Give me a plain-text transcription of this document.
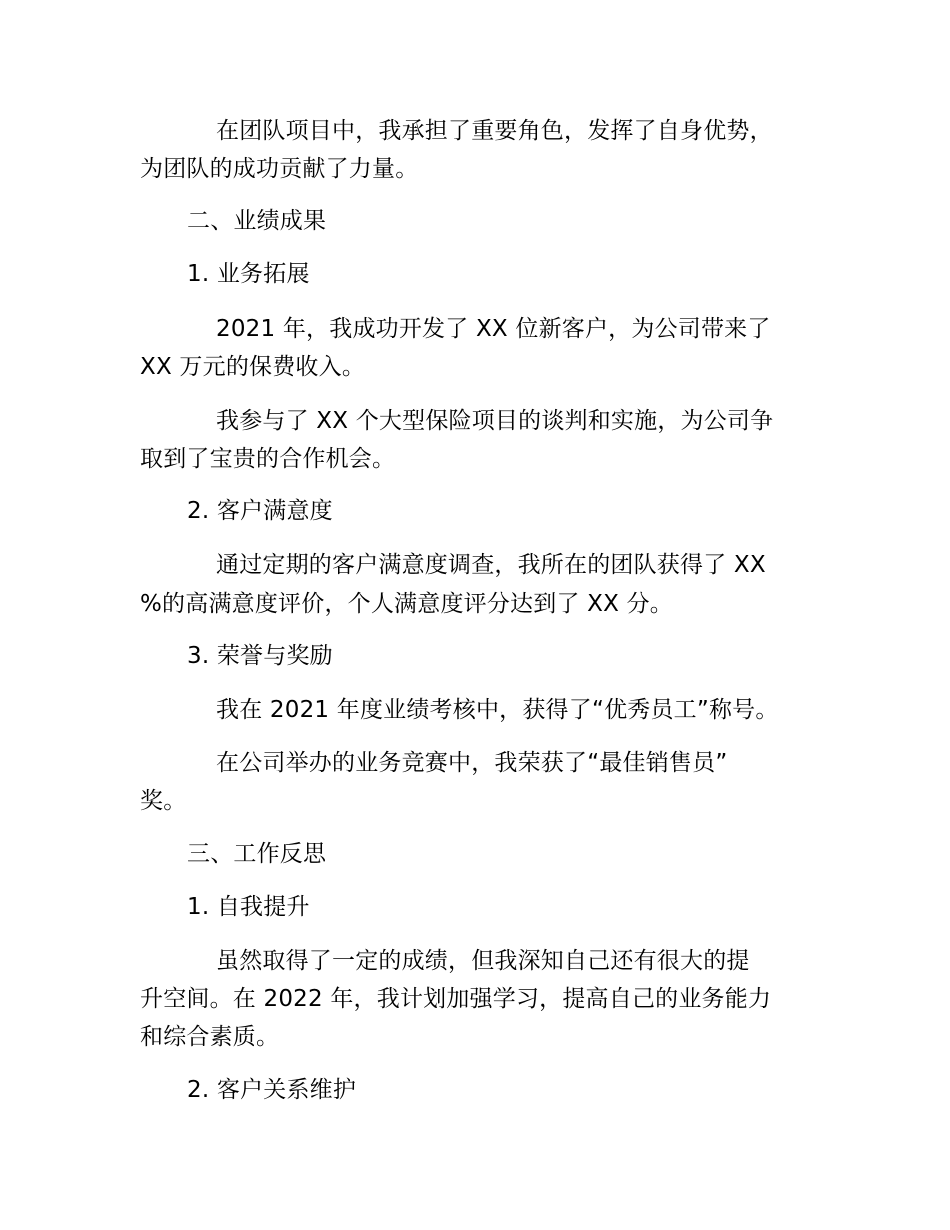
在团队项目中，我承担了重要角色，发挥了自身优势，
为团队的成功贡献了力量。
二、业绩成果
1. 业务拓展
2021 年，我成功开发了 XX 位新客户，为公司带来了
XX 万元的保费收入。
我参与了 XX 个大型保险项目的谈判和实施，为公司争
取到了宝贵的合作机会。
2. 客户满意度
通过定期的客户满意度调查，我所在的团队获得了 XX
%的高满意度评价，个人满意度评分达到了 XX 分。
3. 荣誉与奖励
我在 2021 年度业绩考核中，获得了“优秀员工”称号。
在公司举办的业务竞赛中，我荣获了“最佳销售员”
奖。
三、工作反思
1. 自我提升
虽然取得了一定的成绩，但我深知自己还有很大的提
升空间。在 2022 年，我计划加强学习，提高自己的业务能力
和综合素质。
2. 客户关系维护
